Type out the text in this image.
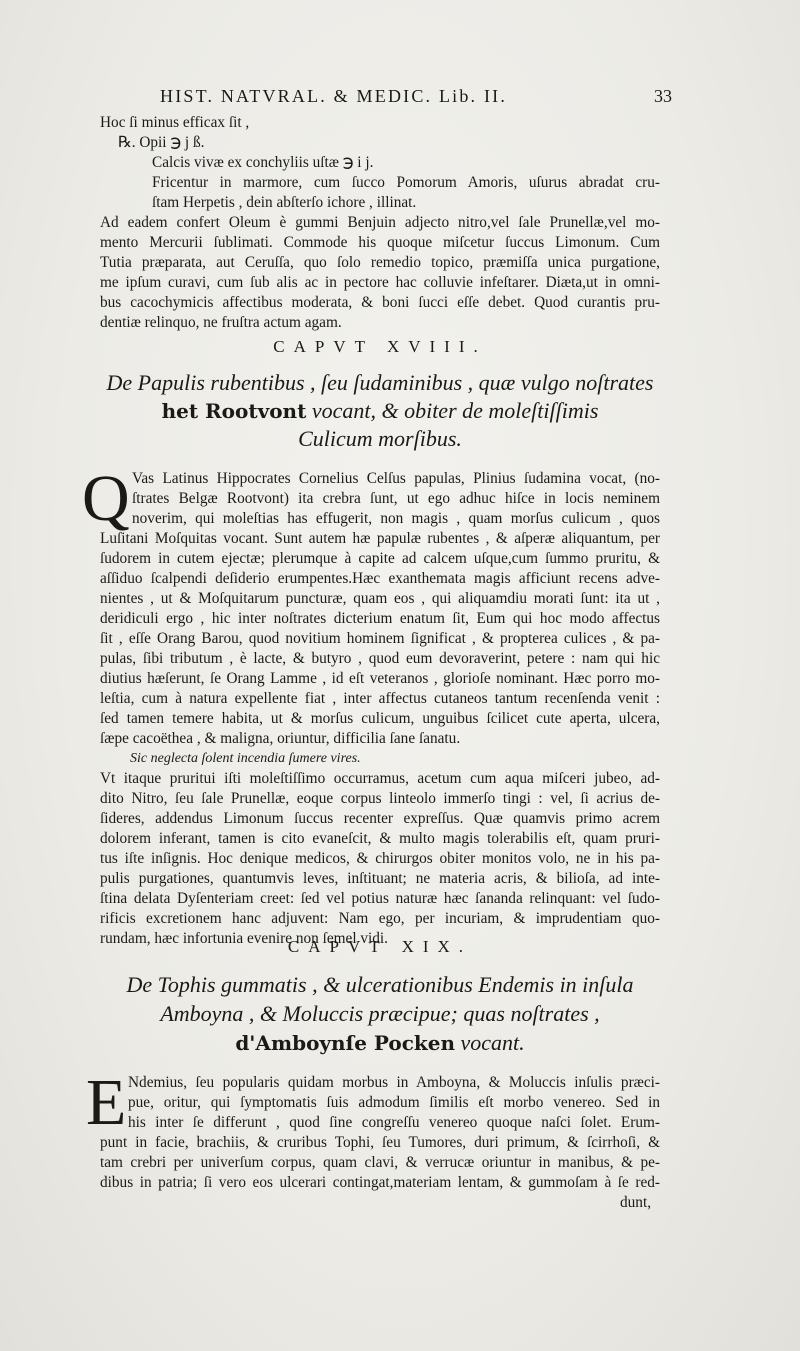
HIST. NATVRAL. & MEDIC. Lib. II.	33
Hoc ſi minus efficax ſit ,
℞. Opii ℈ j ß.
Calcis vivæ ex conchyliis uſtæ ℈ i j.
Fricentur in marmore, cum ſucco Pomorum Amoris, uſurus abradat cru-
ſtam Herpetis , dein abſterſo ichore , illinat.
Ad eadem confert Oleum è gummi Benjuin adjecto nitro,vel ſale Prunellæ,vel mo-
mento Mercurii ſublimati. Commode his quoque miſcetur ſuccus Limonum. Cum
Tutia præparata, aut Ceruſſa, quo ſolo remedio topico, præmiſſa unica purgatione,
me ipſum curavi, cum ſub alis ac in pectore hac colluvie infeſtarer. Diæta,ut in omni-
bus cacochymicis affectibus moderata, & boni ſucci eſſe debet. Quod curantis pru-
dentiæ relinquo, ne fruſtra actum agam.
CAPVT XVIII.
De Papulis rubentibus , ſeu ſudaminibus , quæ vulgo noſtrates
het Rootvont vocant, & obiter de moleſtiſſimis
Culicum morſibus.
Q Vas Latinus Hippocrates Cornelius Celſus papulas, Plinius ſudamina vocat, (no-
ſtrates Belgæ Rootvont) ita crebra ſunt, ut ego adhuc hiſce in locis neminem
noverim, qui moleſtias has effugerit, non magis , quam morſus culicum , quos
Luſitani Moſquitas vocant. Sunt autem hæ papulæ rubentes , & aſperæ aliquantum, per
ſudorem in cutem ejectæ; plerumque à capite ad calcem uſque,cum ſummo pruritu, &
aſſiduo ſcalpendi deſiderio erumpentes.Hæc exanthemata magis afficiunt recens adve-
nientes , ut & Moſquitarum puncturæ, quam eos , qui aliquamdiu morati ſunt: ita ut ,
deridiculi ergo , hic inter noſtrates dicterium enatum ſit, Eum qui hoc modo affectus
ſit , eſſe Orang Barou, quod novitium hominem ſignificat , & propterea culices , & pa-
pulas, ſibi tributum , è lacte, & butyro , quod eum devoraverint, petere : nam qui hic
diutius hæſerunt, ſe Orang Lamme , id eſt veteranos , glorioſe nominant. Hæc porro mo-
leſtia, cum à natura expellente fiat , inter affectus cutaneos tantum recenſenda venit :
ſed tamen temere habita, ut & morſus culicum, unguibus ſcilicet cute aperta, ulcera,
ſæpe cacoëthea , & maligna, oriuntur, difficilia ſane ſanatu.
Sic neglecta ſolent incendia ſumere vires.
Vt itaque pruritui iſti moleſtiſſimo occurramus, acetum cum aqua miſceri jubeo, ad-
dito Nitro, ſeu ſale Prunellæ, eoque corpus linteolo immerſo tingi : vel, ſi acrius de-
ſideres, addendus Limonum ſuccus recenter expreſſus. Quæ quamvis primo acrem
dolorem inferant, tamen is cito evaneſcit, & multo magis tolerabilis eſt, quam pruri-
tus iſte inſignis. Hoc denique medicos, & chirurgos obiter monitos volo, ne in his pa-
pulis purgationes, quantumvis leves, inſtituant; ne materia acris, & bilioſa, ad inte-
ſtina delata Dyſenteriam creet: ſed vel potius naturæ hæc ſananda relinquant: vel ſudo-
rificis excretionem hanc adjuvent: Nam ego, per incuriam, & imprudentiam quo-
rundam, hæc infortunia evenire non ſemel vidi.
CAPVT XIX.
De Tophis gummatis , & ulcerationibus Endemis in inſula
Amboyna , & Moluccis præcipue; quas noſtrates ,
d'Amboynſe Pocken vocant.
E Ndemius, ſeu popularis quidam morbus in Amboyna, & Moluccis inſulis præci-
pue, oritur, qui ſymptomatis ſuis admodum ſimilis eſt morbo venereo. Sed in
his inter ſe differunt , quod ſine congreſſu venereo quoque naſci ſolet. Erum-
punt in facie, brachiis, & cruribus Tophi, ſeu Tumores, duri primum, & ſcirrhoſi, &
tam crebri per univerſum corpus, quam clavi, & verrucæ oriuntur in manibus, & pe-
dibus in patria; ſi vero eos ulcerari contingat,materiam lentam, & gummoſam à ſe red-
dunt,
